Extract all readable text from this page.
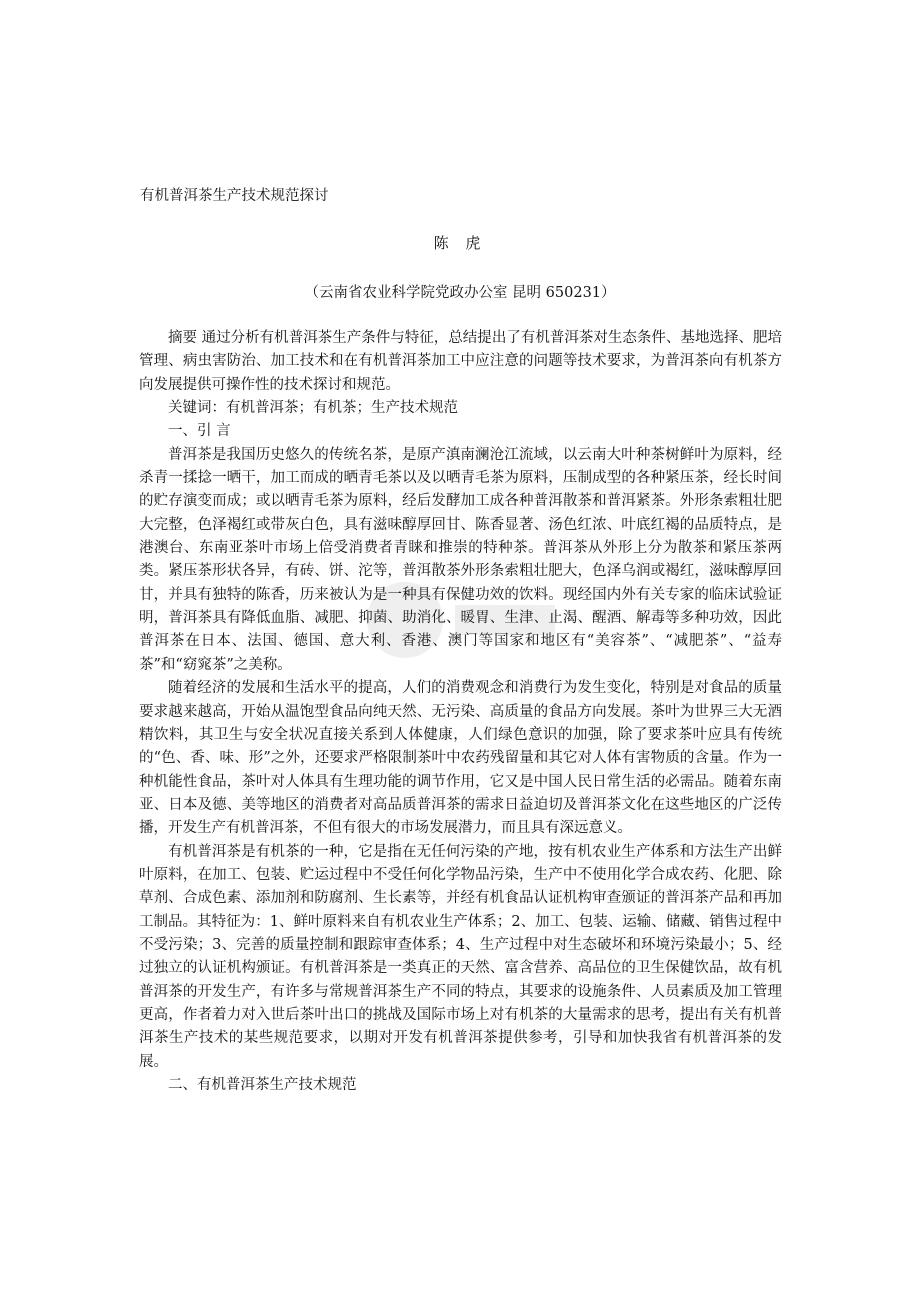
有机普洱茶生产技术规范探讨
陈 虎
（云南省农业科学院党政办公室 昆明 650231）

摘要 通过分析有机普洱茶生产条件与特征，总结提出了有机普洱茶对生态条件、基地选择、肥培管理、病虫害防治、加工技术和在有机普洱茶加工中应注意的问题等技术要求，为普洱茶向有机茶方向发展提供可操作性的技术探讨和规范。

关键词：有机普洱茶；有机茶；生产技术规范

一、引 言

普洱茶是我国历史悠久的传统名茶，是原产滇南澜沧江流域，以云南大叶种茶树鲜叶为原料，经杀青一揉捻一晒干，加工而成的晒青毛茶以及以晒青毛茶为原料，压制成型的各种紧压茶，经长时间的贮存演变而成；或以晒青毛茶为原料，经后发酵加工成各种普洱散茶和普洱紧茶。外形条索粗壮肥大完整，色泽褐红或带灰白色，具有滋味醇厚回甘、陈香显著、汤色红浓、叶底红褐的品质特点，是港澳台、东南亚茶叶市场上倍受消费者青睐和推崇的特种茶。普洱茶从外形上分为散茶和紧压茶两类。紧压茶形状各异，有砖、饼、沱等，普洱散茶外形条索粗壮肥大，色泽乌润或褐红，滋味醇厚回甘，并具有独特的陈香，历来被认为是一种具有保健功效的饮料。现经国内外有关专家的临床试验证明，普洱茶具有降低血脂、减肥、抑菌、助消化、暖胃、生津、止渴、醒酒、解毒等多种功效，因此普洱茶在日本、法国、德国、意大利、香港、澳门等国家和地区有“美容茶”、“减肥茶”、“益寿茶”和“窈窕茶”之美称。

随着经济的发展和生活水平的提高，人们的消费观念和消费行为发生变化，特别是对食品的质量要求越来越高，开始从温饱型食品向纯天然、无污染、高质量的食品方向发展。茶叶为世界三大无酒精饮料，其卫生与安全状况直接关系到人体健康，人们绿色意识的加强，除了要求茶叶应具有传统的“色、香、味、形”之外，还要求严格限制茶叶中农药残留量和其它对人体有害物质的含量。作为一种机能性食品，茶叶对人体具有生理功能的调节作用，它又是中国人民日常生活的必需品。随着东南亚、日本及德、美等地区的消费者对高品质普洱茶的需求日益迫切及普洱茶文化在这些地区的广泛传播，开发生产有机普洱茶，不但有很大的市场发展潜力，而且具有深远意义。

有机普洱茶是有机茶的一种，它是指在无任何污染的产地，按有机农业生产体系和方法生产出鲜叶原料，在加工、包装、贮运过程中不受任何化学物品污染，生产中不使用化学合成农药、化肥、除草剂、合成色素、添加剂和防腐剂、生长素等，并经有机食品认证机构审查颁证的普洱茶产品和再加工制品。其特征为：1、鲜叶原料来自有机农业生产体系；2、加工、包装、运输、储藏、销售过程中不受污染；3、完善的质量控制和跟踪审查体系；4、生产过程中对生态破坏和环境污染最小；5、经过独立的认证机构颁证。有机普洱茶是一类真正的天然、富含营养、高品位的卫生保健饮品，故有机普洱茶的开发生产，有许多与常规普洱茶生产不同的特点，其要求的设施条件、人员素质及加工管理更高，作者着力对入世后茶叶出口的挑战及国际市场上对有机茶的大量需求的思考，提出有关有机普洱茶生产技术的某些规范要求，以期对开发有机普洱茶提供参考，引导和加快我省有机普洱茶的发展。

二、有机普洱茶生产技术规范
